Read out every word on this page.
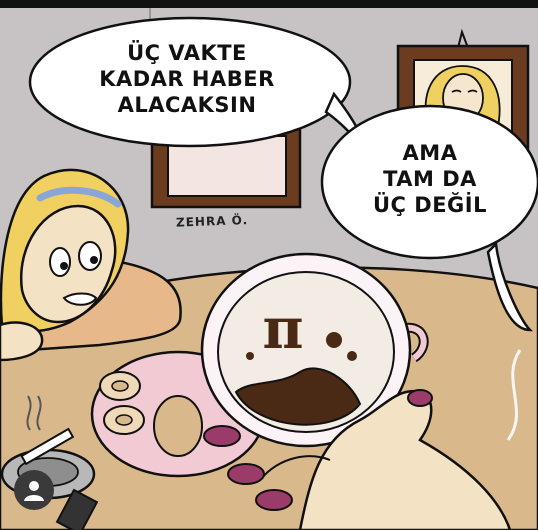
ÜÇ VAKTE
KADAR HABER
ALACAKSIN
AMA
TAM DA
ÜÇ DEĞİL
ZEHRA Ö.
π
